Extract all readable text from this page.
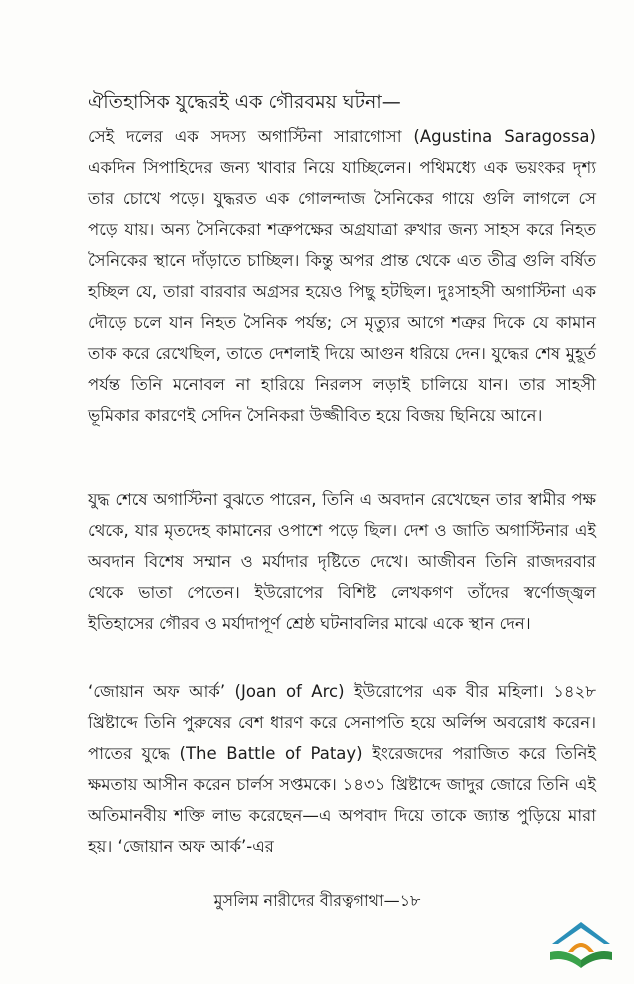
ঐতিহাসিক যুদ্ধেরই এক গৌরবময় ঘটনা—

সেই দলের এক সদস্য অগাস্টিনা সারাগোসা (Agustina Saragossa) একদিন সিপাহিদের জন্য খাবার নিয়ে যাচ্ছিলেন। পথিমধ্যে এক ভয়ংকর দৃশ্য তার চোখে পড়ে। যুদ্ধরত এক গোলন্দাজ সৈনিকের গায়ে গুলি লাগলে সে পড়ে যায়। অন্য সৈনিকেরা শত্রুপক্ষের অগ্রযাত্রা রুখার জন্য সাহস করে নিহত সৈনিকের স্থানে দাঁড়াতে চাচ্ছিল। কিন্তু অপর প্রান্ত থেকে এত তীব্র গুলি বর্ষিত হচ্ছিল যে, তারা বারবার অগ্রসর হয়েও পিছু হটছিল। দুঃসাহসী অগাস্টিনা এক দৌড়ে চলে যান নিহত সৈনিক পর্যন্ত; সে মৃত্যুর আগে শত্রুর দিকে যে কামান তাক করে রেখেছিল, তাতে দেশলাই দিয়ে আগুন ধরিয়ে দেন। যুদ্ধের শেষ মুহূর্ত পর্যন্ত তিনি মনোবল না হারিয়ে নিরলস লড়াই চালিয়ে যান। তার সাহসী ভূমিকার কারণেই সেদিন সৈনিকরা উজ্জীবিত হয়ে বিজয় ছিনিয়ে আনে।

যুদ্ধ শেষে অগাস্টিনা বুঝতে পারেন, তিনি এ অবদান রেখেছেন তার স্বামীর পক্ষ থেকে, যার মৃতদেহ কামানের ওপাশে পড়ে ছিল। দেশ ও জাতি অগাস্টিনার এই অবদান বিশেষ সম্মান ও মর্যাদার দৃষ্টিতে দেখে। আজীবন তিনি রাজদরবার থেকে ভাতা পেতেন। ইউরোপের বিশিষ্ট লেখকগণ তাঁদের স্বর্ণোজ্জ্বল ইতিহাসের গৌরব ও মর্যাদাপূর্ণ শ্রেষ্ঠ ঘটনাবলির মাঝে একে স্থান দেন।

‘জোয়ান অফ আর্ক’ (Joan of Arc) ইউরোপের এক বীর মহিলা। ১৪২৮ খ্রিষ্টাব্দে তিনি পুরুষের বেশ ধারণ করে সেনাপতি হয়ে অর্লিন্স অবরোধ করেন। পাতের যুদ্ধে (The Battle of Patay) ইংরেজদের পরাজিত করে তিনিই ক্ষমতায় আসীন করেন চার্লস সপ্তমকে। ১৪৩১ খ্রিষ্টাব্দে জাদুর জোরে তিনি এই অতিমানবীয় শক্তি লাভ করেছেন—এ অপবাদ দিয়ে তাকে জ্যান্ত পুড়িয়ে মারা হয়। ‘জোয়ান অফ আর্ক’-এর

মুসলিম নারীদের বীরত্বগাথা—১৮
